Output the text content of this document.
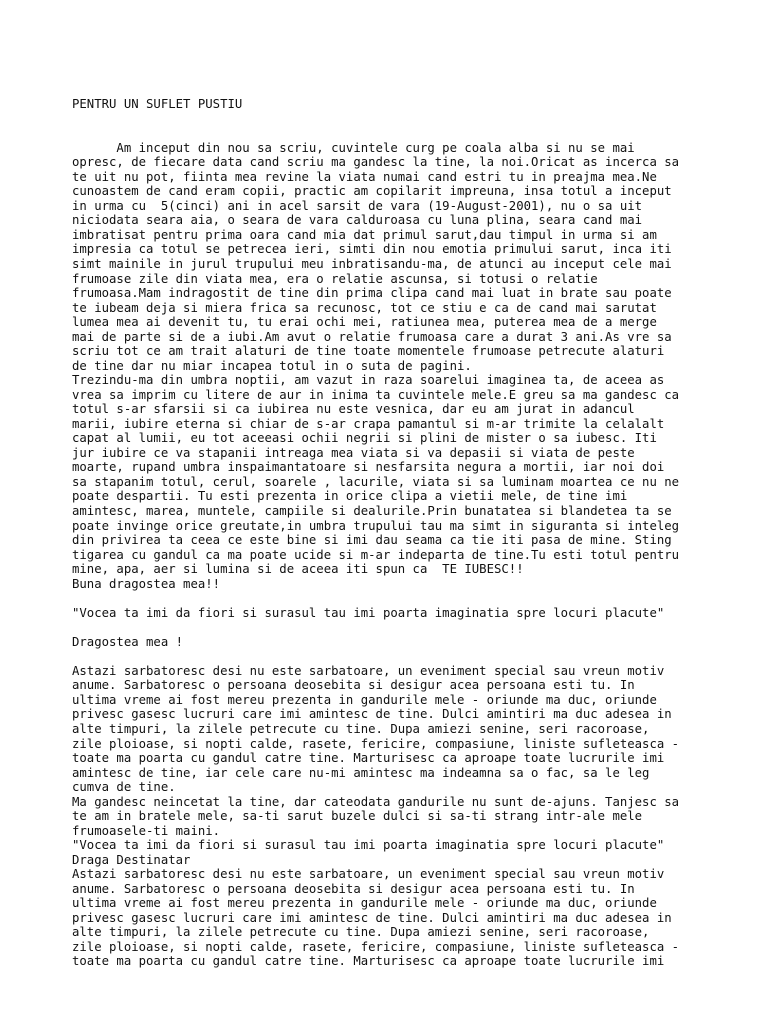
PENTRU UN SUFLET PUSTIU

Am inceput din nou sa scriu, cuvintele curg pe coala alba si nu se mai
opresc, de fiecare data cand scriu ma gandesc la tine, la noi.Oricat as incerca sa
te uit nu pot, fiinta mea revine la viata numai cand estri tu in preajma mea.Ne
cunoastem de cand eram copii, practic am copilarit impreuna, insa totul a inceput
in urma cu  5(cinci) ani in acel sarsit de vara (19-August-2001), nu o sa uit
niciodata seara aia, o seara de vara calduroasa cu luna plina, seara cand mai
imbratisat pentru prima oara cand mia dat primul sarut,dau timpul in urma si am
impresia ca totul se petrecea ieri, simti din nou emotia primului sarut, inca iti
simt mainile in jurul trupului meu inbratisandu-ma, de atunci au inceput cele mai
frumoase zile din viata mea, era o relatie ascunsa, si totusi o relatie
frumoasa.Mam indragostit de tine din prima clipa cand mai luat in brate sau poate
te iubeam deja si miera frica sa recunosc, tot ce stiu e ca de cand mai sarutat
lumea mea ai devenit tu, tu erai ochi mei, ratiunea mea, puterea mea de a merge
mai de parte si de a iubi.Am avut o relatie frumoasa care a durat 3 ani.As vre sa
scriu tot ce am trait alaturi de tine toate momentele frumoase petrecute alaturi
de tine dar nu miar incapea totul in o suta de pagini.
Trezindu-ma din umbra noptii, am vazut in raza soarelui imaginea ta, de aceea as
vrea sa imprim cu litere de aur in inima ta cuvintele mele.E greu sa ma gandesc ca
totul s-ar sfarsii si ca iubirea nu este vesnica, dar eu am jurat in adancul
marii, iubire eterna si chiar de s-ar crapa pamantul si m-ar trimite la celalalt
capat al lumii, eu tot aceeasi ochii negrii si plini de mister o sa iubesc. Iti
jur iubire ce va stapanii intreaga mea viata si va depasii si viata de peste
moarte, rupand umbra inspaimantatoare si nesfarsita negura a mortii, iar noi doi
sa stapanim totul, cerul, soarele , lacurile, viata si sa luminam moartea ce nu ne
poate despartii. Tu esti prezenta in orice clipa a vietii mele, de tine imi
amintesc, marea, muntele, campiile si dealurile.Prin bunatatea si blandetea ta se
poate invinge orice greutate,in umbra trupului tau ma simt in siguranta si inteleg
din privirea ta ceea ce este bine si imi dau seama ca tie iti pasa de mine. Sting
tigarea cu gandul ca ma poate ucide si m-ar indeparta de tine.Tu esti totul pentru
mine, apa, aer si lumina si de aceea iti spun ca  TE IUBESC!!
Buna dragostea mea!!
"Vocea ta imi da fiori si surasul tau imi poarta imaginatia spre locuri placute"
Dragostea mea !
Astazi sarbatoresc desi nu este sarbatoare, un eveniment special sau vreun motiv
anume. Sarbatoresc o persoana deosebita si desigur acea persoana esti tu. In
ultima vreme ai fost mereu prezenta in gandurile mele - oriunde ma duc, oriunde
privesc gasesc lucruri care imi amintesc de tine. Dulci amintiri ma duc adesea in
alte timpuri, la zilele petrecute cu tine. Dupa amiezi senine, seri racoroase,
zile ploioase, si nopti calde, rasete, fericire, compasiune, liniste sufleteasca -
toate ma poarta cu gandul catre tine. Marturisesc ca aproape toate lucrurile imi
amintesc de tine, iar cele care nu-mi amintesc ma indeamna sa o fac, sa le leg
cumva de tine.
Ma gandesc neincetat la tine, dar cateodata gandurile nu sunt de-ajuns. Tanjesc sa
te am in bratele mele, sa-ti sarut buzele dulci si sa-ti strang intr-ale mele
frumoasele-ti maini.
"Vocea ta imi da fiori si surasul tau imi poarta imaginatia spre locuri placute"
Draga Destinatar
Astazi sarbatoresc desi nu este sarbatoare, un eveniment special sau vreun motiv
anume. Sarbatoresc o persoana deosebita si desigur acea persoana esti tu. In
ultima vreme ai fost mereu prezenta in gandurile mele - oriunde ma duc, oriunde
privesc gasesc lucruri care imi amintesc de tine. Dulci amintiri ma duc adesea in
alte timpuri, la zilele petrecute cu tine. Dupa amiezi senine, seri racoroase,
zile ploioase, si nopti calde, rasete, fericire, compasiune, liniste sufleteasca -
toate ma poarta cu gandul catre tine. Marturisesc ca aproape toate lucrurile imi
